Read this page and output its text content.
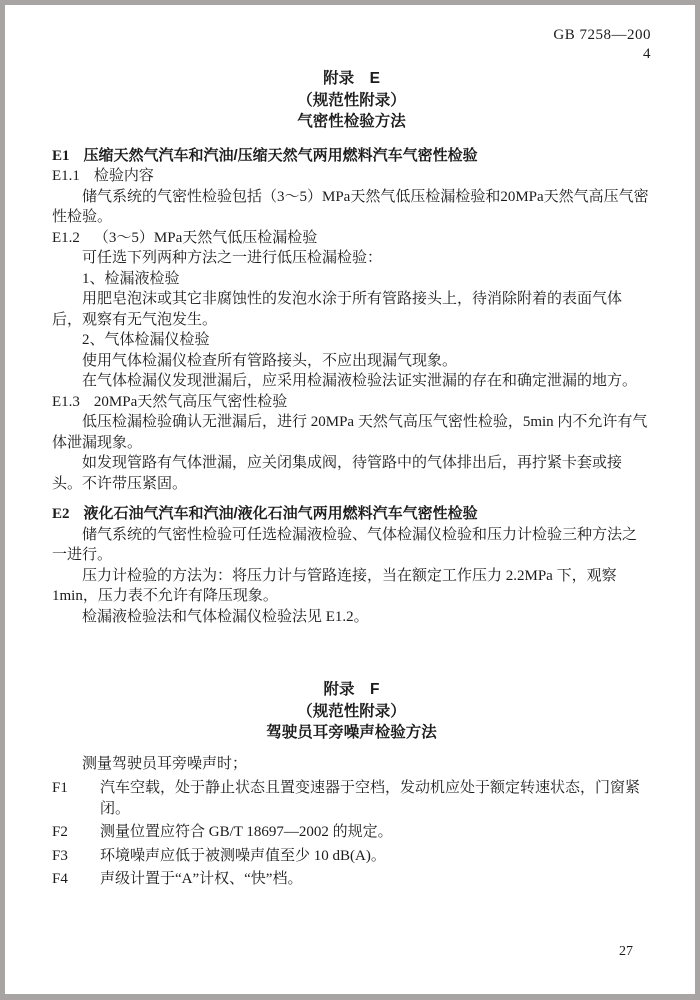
GB 7258—200
4
附录　E
（规范性附录）
气密性检验方法
E1 压缩天然气汽车和汽油/压缩天然气两用燃料汽车气密性检验
E1.1 检验内容
储气系统的气密性检验包括（3～5）MPa天然气低压检漏检验和20MPa天然气高压气密性检验。
E1.2 （3～5）MPa天然气低压检漏检验
可任选下列两种方法之一进行低压检漏检验：
1、检漏液检验
用肥皂泡沫或其它非腐蚀性的发泡水涂于所有管路接头上，待消除附着的表面气体后，观察有无气泡发生。
2、气体检漏仪检验
使用气体检漏仪检查所有管路接头，不应出现漏气现象。
在气体检漏仪发现泄漏后，应采用检漏液检验法证实泄漏的存在和确定泄漏的地方。
E1.3 20MPa天然气高压气密性检验
低压检漏检验确认无泄漏后，进行 20MPa 天然气高压气密性检验，5min 内不允许有气体泄漏现象。
如发现管路有气体泄漏，应关闭集成阀，待管路中的气体排出后，再拧紧卡套或接头。不许带压紧固。
E2 液化石油气汽车和汽油/液化石油气两用燃料汽车气密性检验
储气系统的气密性检验可任选检漏液检验、气体检漏仪检验和压力计检验三种方法之一进行。
压力计检验的方法为：将压力计与管路连接，当在额定工作压力 2.2MPa 下，观察 1min，压力表不允许有降压现象。
检漏液检验法和气体检漏仪检验法见 E1.2。
附录　F
（规范性附录）
驾驶员耳旁噪声检验方法
测量驾驶员耳旁噪声时；
F1	汽车空载，处于静止状态且置变速器于空档，发动机应处于额定转速状态，门窗紧闭。
F2	测量位置应符合 GB/T 18697—2002 的规定。
F3	环境噪声应低于被测噪声值至少 10 dB(A)。
F4	声级计置于“A”计权、“快”档。
27
